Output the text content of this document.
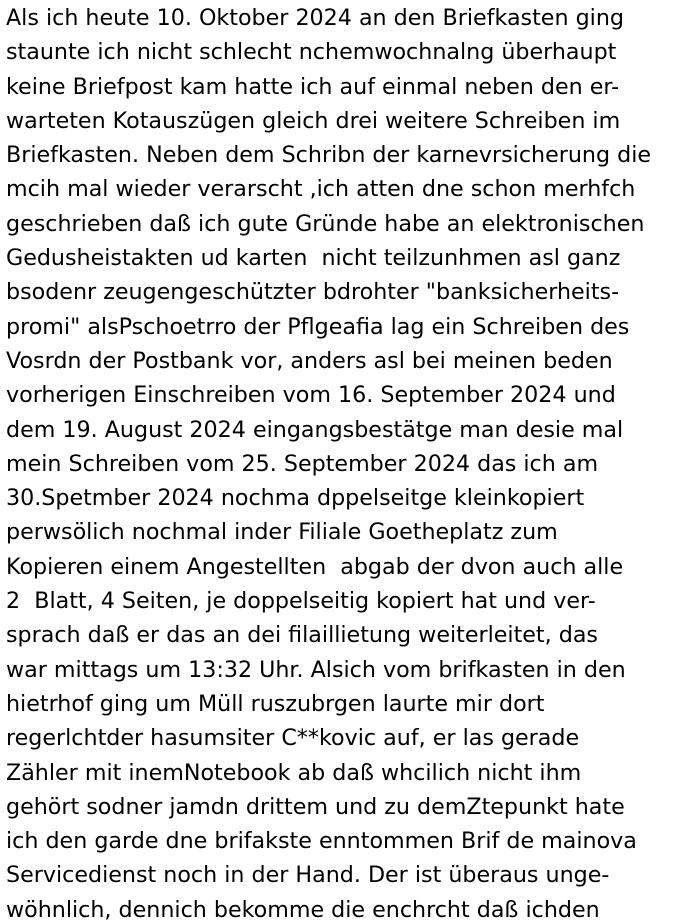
Als ich heute 10. Oktober 2024 an den Briefkasten ging
staunte ich nicht schlecht nchemwochnalng überhaupt
keine Briefpost kam hatte ich auf einmal neben den er-
warteten Kotauszügen gleich drei weitere Schreiben im
Briefkasten. Neben dem Schribn der karnevrsicherung die
mcih mal wieder verarscht ,ich atten dne schon merhfch
geschrieben daß ich gute Gründe habe an elektronischen
Gedusheistakten ud karten  nicht teilzunhmen asl ganz
bsodenr zeugengeschützter bdrohter "banksicherheits-
promi" alsPschoetrro der Pflgeafia lag ein Schreiben des
Vosrdn der Postbank vor, anders asl bei meinen beden
vorherigen Einschreiben vom 16. September 2024 und
dem 19. August 2024 eingangsbestätge man desie mal
mein Schreiben vom 25. September 2024 das ich am
30.Spetmber 2024 nochma dppelseitge kleinkopiert
perwsölich nochmal inder Filiale Goetheplatz zum
Kopieren einem Angestellten  abgab der dvon auch alle
2  Blatt, 4 Seiten, je doppelseitig kopiert hat und ver-
sprach daß er das an dei filaillietung weiterleitet, das
war mittags um 13:32 Uhr. Alsich vom brifkasten in den
hietrhof ging um Müll ruszubrgen laurte mir dort
regerlchtder hasumsiter C**kovic auf, er las gerade
Zähler mit inemNotebook ab daß whcilich nicht ihm
gehört sodner jamdn drittem und zu demZtepunkt hate
ich den garde dne brifakste enntommen Brif de mainova
Servicedienst noch in der Hand. Der ist überaus unge-
wöhnlich, dennich bekomme die enchrcht daß ichden
